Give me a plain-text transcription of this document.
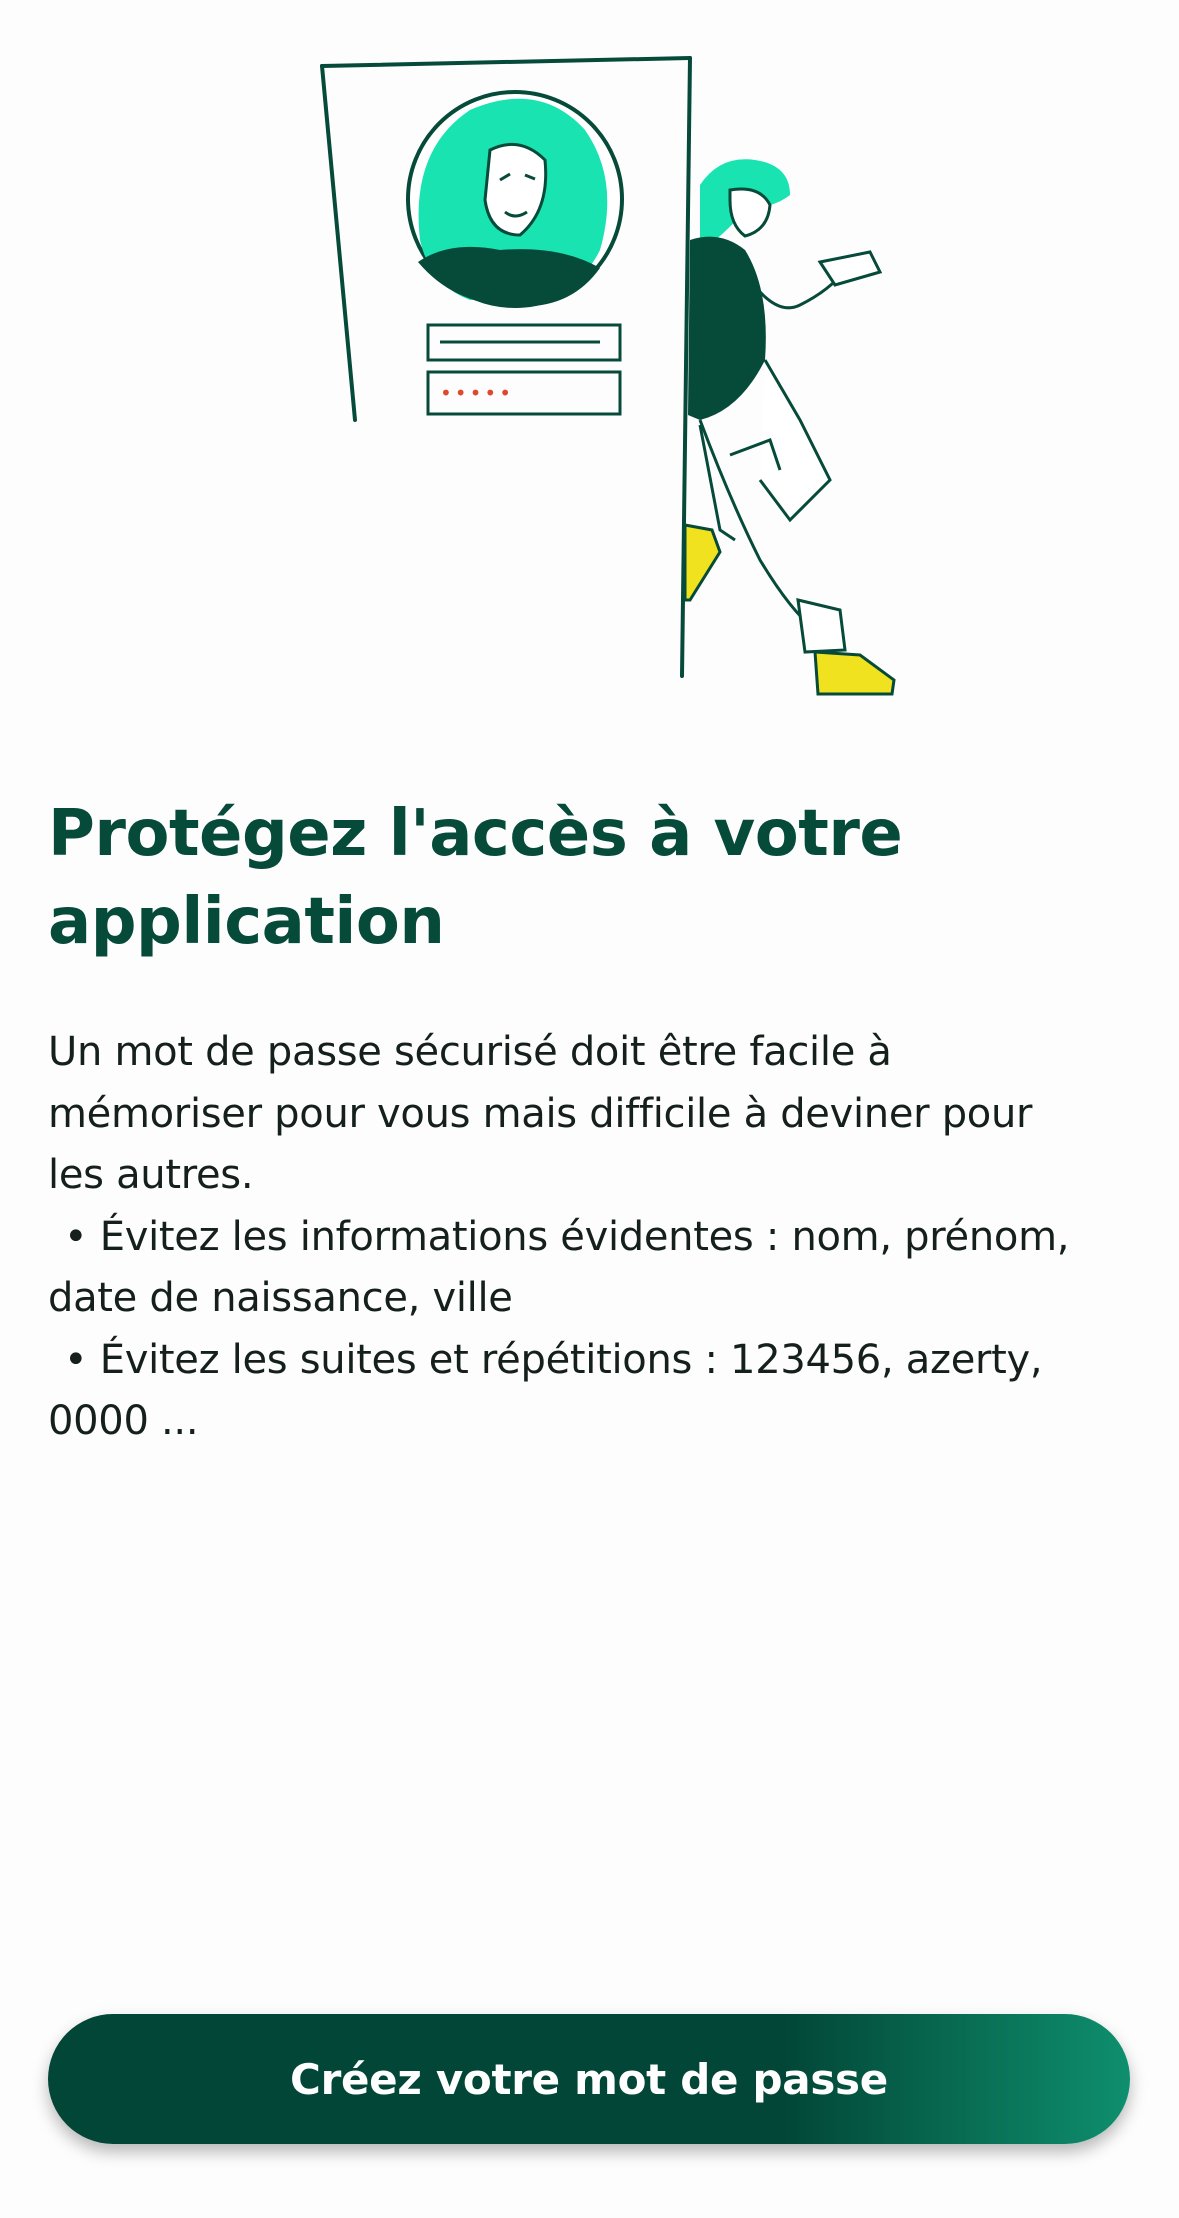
•••••
Protégez l'accès à votre
application
Un mot de passe sécurisé doit être facile à
mémoriser pour vous mais difficile à deviner pour
les autres.
• Évitez les informations évidentes : nom, prénom,
date de naissance, ville
• Évitez les suites et répétitions : 123456, azerty,
0000 ...
Créez votre mot de passe
